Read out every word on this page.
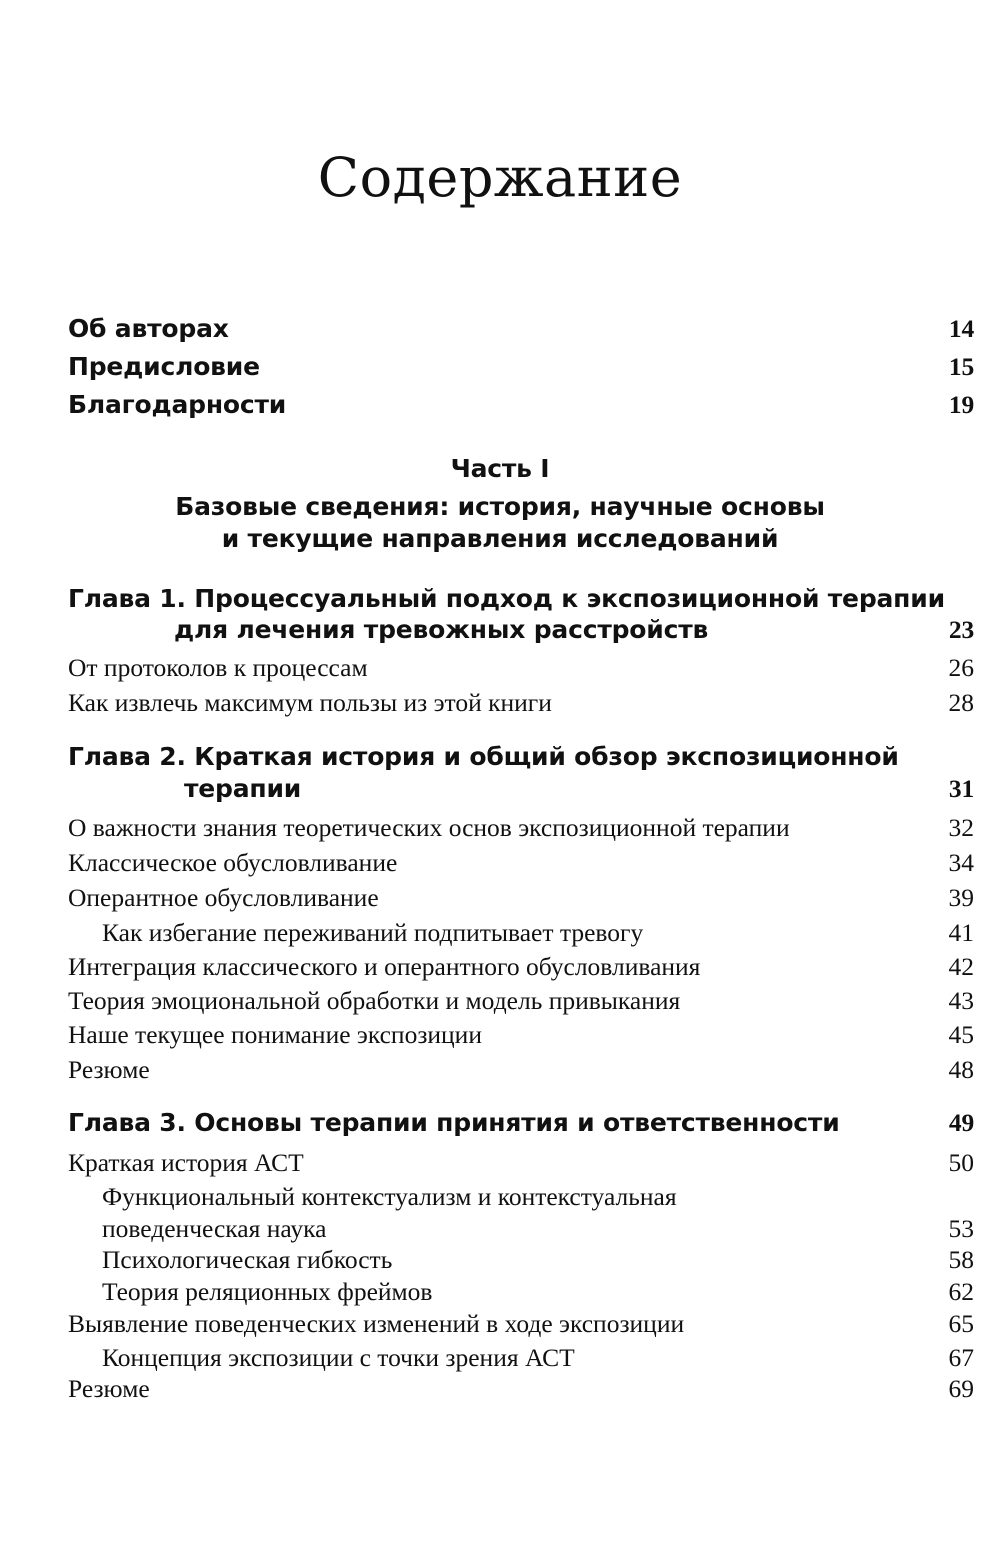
Содержание
Об авторах	14
Предисловие	15
Благодарности	19
Часть I
Базовые сведения: история, научные основы
и текущие направления исследований
Глава 1. Процессуальный подход к экспозиционной терапии
для лечения тревожных расстройств	23
От протоколов к процессам	26
Как извлечь максимум пользы из этой книги	28
Глава 2. Краткая история и общий обзор экспозиционной
терапии	31
О важности знания теоретических основ экспозиционной терапии	32
Классическое обусловливание	34
Оперантное обусловливание	39
Как избегание переживаний подпитывает тревогу	41
Интеграция классического и оперантного обусловливания	42
Теория эмоциональной обработки и модель привыкания	43
Наше текущее понимание экспозиции	45
Резюме	48
Глава 3. Основы терапии принятия и ответственности	49
Краткая история АСТ	50
Функциональный контекстуализм и контекстуальная
поведенческая наука	53
Психологическая гибкость	58
Теория реляционных фреймов	62
Выявление поведенческих изменений в ходе экспозиции	65
Концепция экспозиции с точки зрения АСТ	67
Резюме	69
